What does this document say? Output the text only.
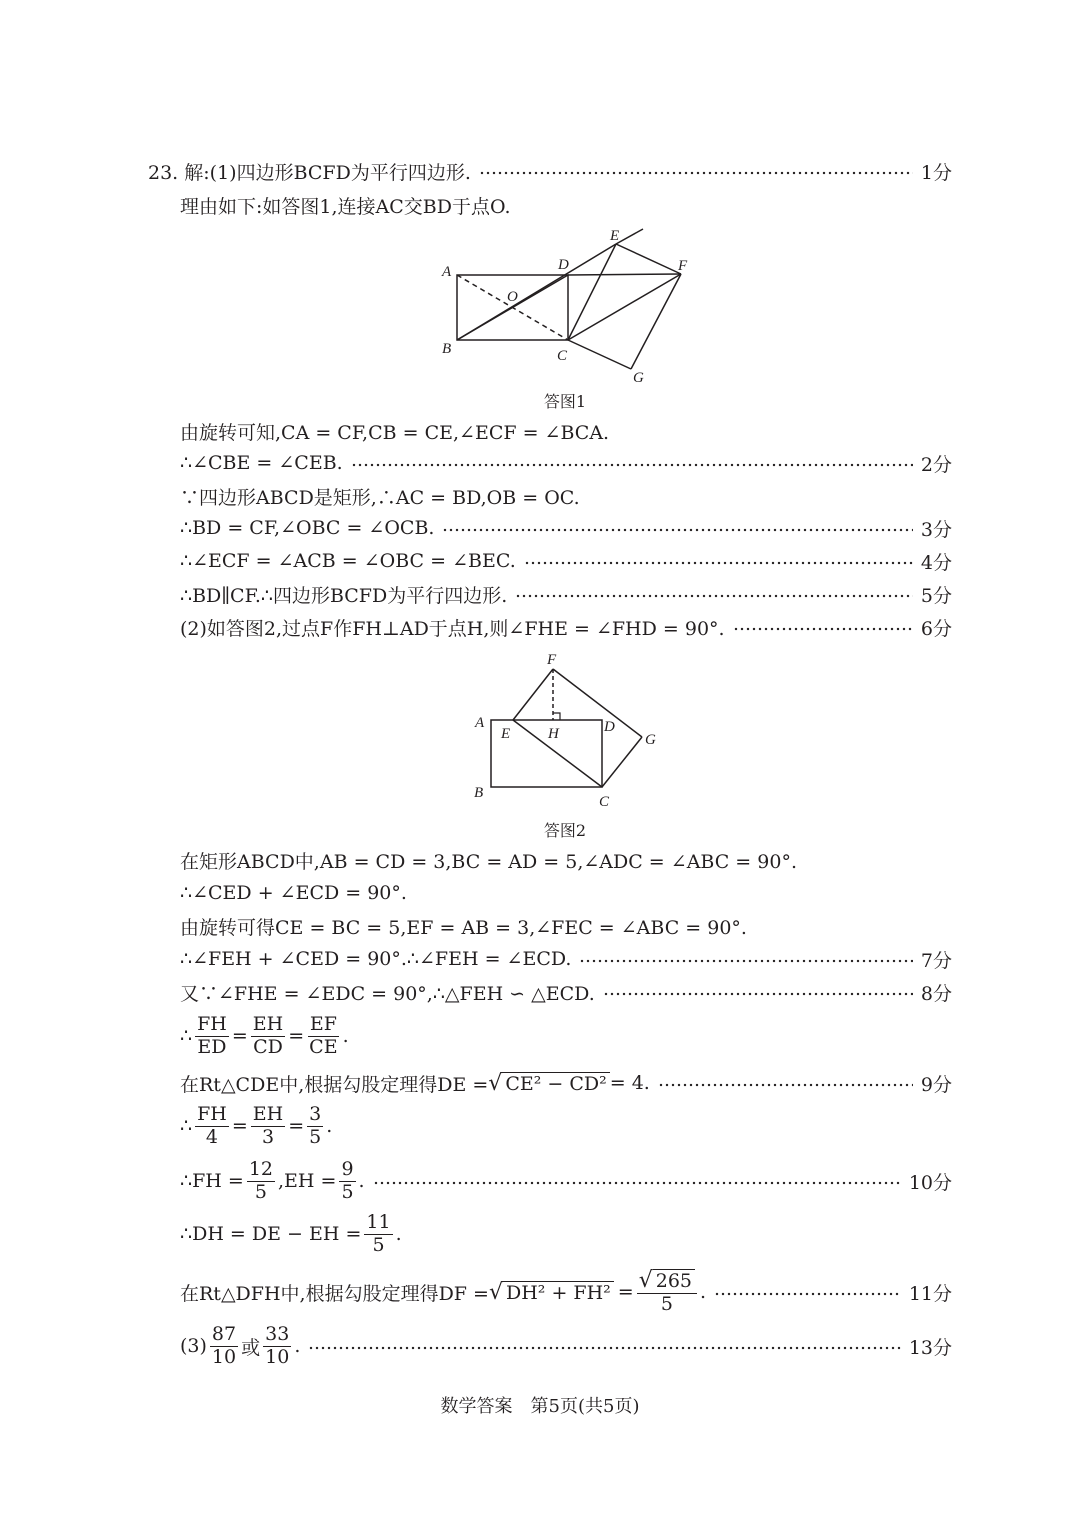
23. 解:(1)四边形BCFD为平行四边形.	1分
理由如下:如答图1,连接AC交BD于点O.
A
B	C
D
E
F
G
O
答图1
由旋转可知,CA = CF,CB = CE,∠ECF = ∠BCA.
∴∠CBE = ∠CEB.	2分
∵四边形ABCD是矩形,∴AC = BD,OB = OC.
∴BD = CF,∠OBC = ∠OCB.	3分
∴∠ECF = ∠ACB = ∠OBC = ∠BEC.	4分
∴BD∥CF.∴四边形BCFD为平行四边形.	5分
(2)如答图2,过点F作FH⊥AD于点H,则∠FHE = ∠FHD = 90°.	6分
A
B
C
D
E
F
G
H
答图2
在矩形ABCD中,AB = CD = 3,BC = AD = 5,∠ADC = ∠ABC = 90°.
∴∠CED + ∠ECD = 90°.
由旋转可得CE = BC = 5,EF = AB = 3,∠FEC = ∠ABC = 90°.
∴∠FEH + ∠CED = 90°.∴∠FEH = ∠ECD.	7分
又∵∠FHE = ∠EDC = 90°,∴△FEH ∽ △ECD.	8分
∴ $\frac{FH}{ED} = \frac{EH}{CD} = \frac{EF}{CE}$ .
在Rt△CDE中,根据勾股定理得DE = √ CE² − CD² = 4.	9分
∴ $\frac{FH}{4} = \frac{EH}{3} = \frac{3}{5}$ .
∴FH = $\frac{12}{5} ,EH = \frac{9}{5}$ .	10分
∴DH = DE − EH = $\frac{11}{5}$ .
在Rt△DFH中,根据勾股定理得DF = √ $DH^2 + FH^2 = \frac{√ 265}{5}$ .	11分
$(3) \frac{87}{10}$ 或 $\frac{33}{10}$ .	13分
数学答案　第5页(共5页)
